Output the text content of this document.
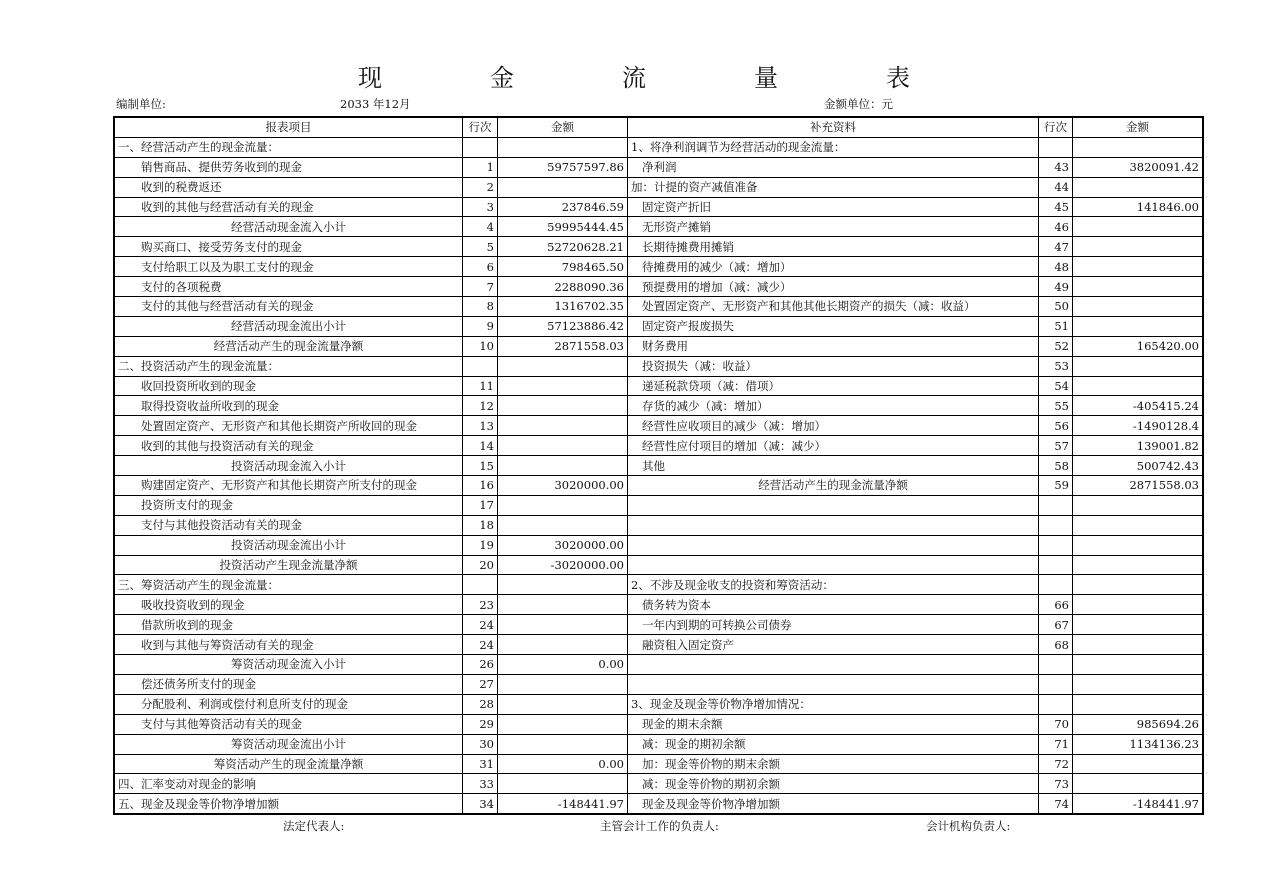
现　金　流　量　表
编制单位:	2033 年12月	金额单位：元
报表项目	行次	金额	补充资料	行次	金额
一、经营活动产生的现金流量：			1、将净利润调节为经营活动的现金流量：		
销售商品、提供劳务收到的现金	1	59757597.86	净利润	43	3820091.42
收到的税费返还	2		加：计提的资产减值准备	44	
收到的其他与经营活动有关的现金	3	237846.59	固定资产折旧	45	141846.00
经营活动现金流入小计	4	59995444.45	无形资产摊销	46	
购买商口、接受劳务支付的现金	5	52720628.21	长期待摊费用摊销	47	
支付给职工以及为职工支付的现金	6	798465.50	待摊费用的减少（减：增加）	48	
支付的各项税费	7	2288090.36	预提费用的增加（减：减少）	49	
支付的其他与经营活动有关的现金	8	1316702.35	处置固定资产、无形资产和其他其他长期资产的损失（减：收益）	50	
经营活动现金流出小计	9	57123886.42	固定资产报废损失	51	
经营活动产生的现金流量净额	10	2871558.03	财务费用	52	165420.00
二、投资活动产生的现金流量：			投资损失（减：收益）	53	
收回投资所收到的现金	11		递延税款贷项（减：借项）	54	
取得投资收益所收到的现金	12		存货的减少（减：增加）	55	-405415.24
处置固定资产、无形资产和其他长期资产所收回的现金	13		经营性应收项目的减少（减：增加）	56	-1490128.4
收到的其他与投资活动有关的现金	14		经营性应付项目的增加（减：减少）	57	139001.82
投资活动现金流入小计	15		其他	58	500742.43
购建固定资产、无形资产和其他长期资产所支付的现金	16	3020000.00	经营活动产生的现金流量净额	59	2871558.03
投资所支付的现金	17				
支付与其他投资活动有关的现金	18				
投资活动现金流出小计	19	3020000.00			
投资活动产生现金流量净额	20	-3020000.00			
三、筹资活动产生的现金流量：			2、不涉及现金收支的投资和筹资活动：		
吸收投资收到的现金	23		债务转为资本	66	
借款所收到的现金	24		一年内到期的可转换公司债券	67	
收到与其他与筹资活动有关的现金	24		融资租入固定资产	68	
筹资活动现金流入小计	26	0.00			
偿还债务所支付的现金	27				
分配股利、利润或偿付利息所支付的现金	28		3、现金及现金等价物净增加情况：		
支付与其他筹资活动有关的现金	29		现金的期末余额	70	985694.26
筹资活动现金流出小计	30		减：现金的期初余额	71	1134136.23
筹资活动产生的现金流量净额	31	0.00	加：现金等价物的期末余额	72	
四、汇率变动对现金的影响	33		减：现金等价物的期初余额	73	
五、现金及现金等价物净增加额	34	-148441.97	现金及现金等价物净增加额	74	-148441.97
法定代表人:	主管会计工作的负责人:	会计机构负责人:
